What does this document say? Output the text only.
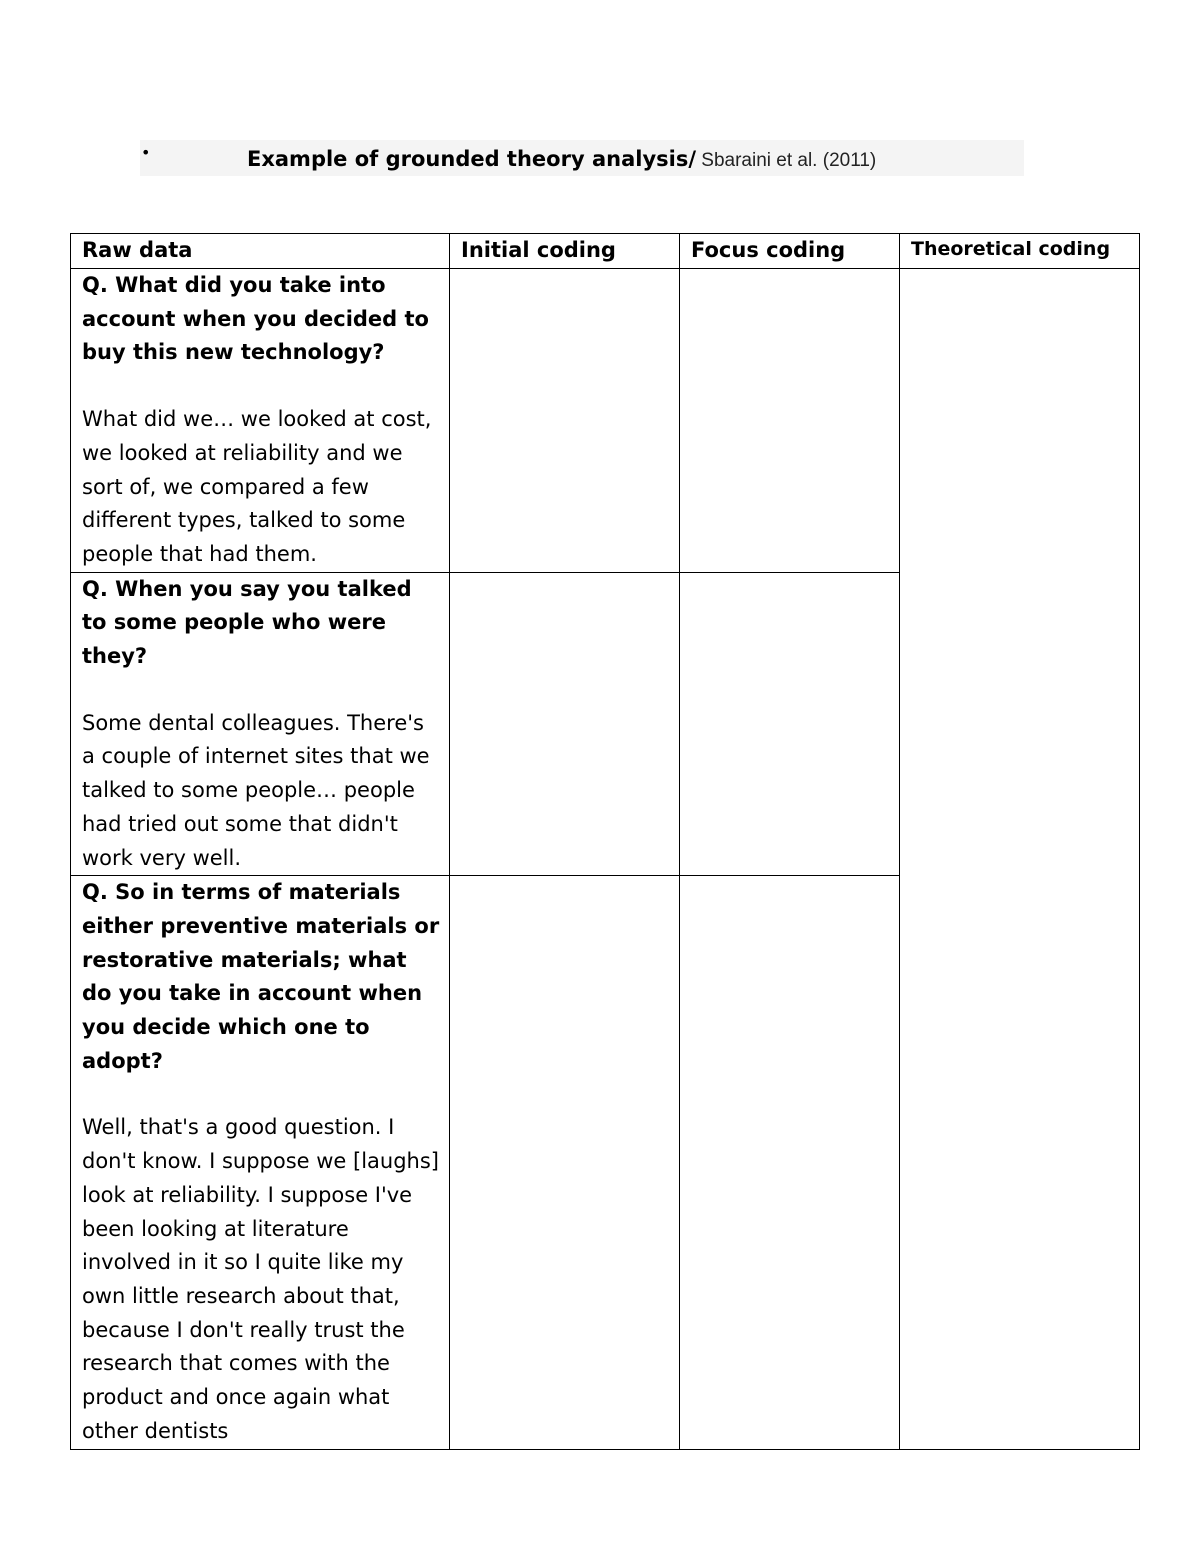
•	Example of grounded theory analysis/ Sbaraini et al. (2011)
Raw data	Initial coding	Focus coding	Theoretical coding

Q. What did you take into account when you decided to buy this new technology?
What did we… we looked at cost, we looked at reliability and we sort of, we compared a few different types, talked to some people that had them.			

Q. When you say you talked to some people who were they?
Some dental colleagues. There's a couple of internet sites that we talked to some people… people had tried out some that didn't work very well.			

Q. So in terms of materials either preventive materials or restorative materials; what do you take in account when you decide which one to adopt?
Well, that's a good question. I don't know. I suppose we [laughs] look at reliability. I suppose I've been looking at literature involved in it so I quite like my own little research about that, because I don't really trust the research that comes with the product and once again what other dentists			
